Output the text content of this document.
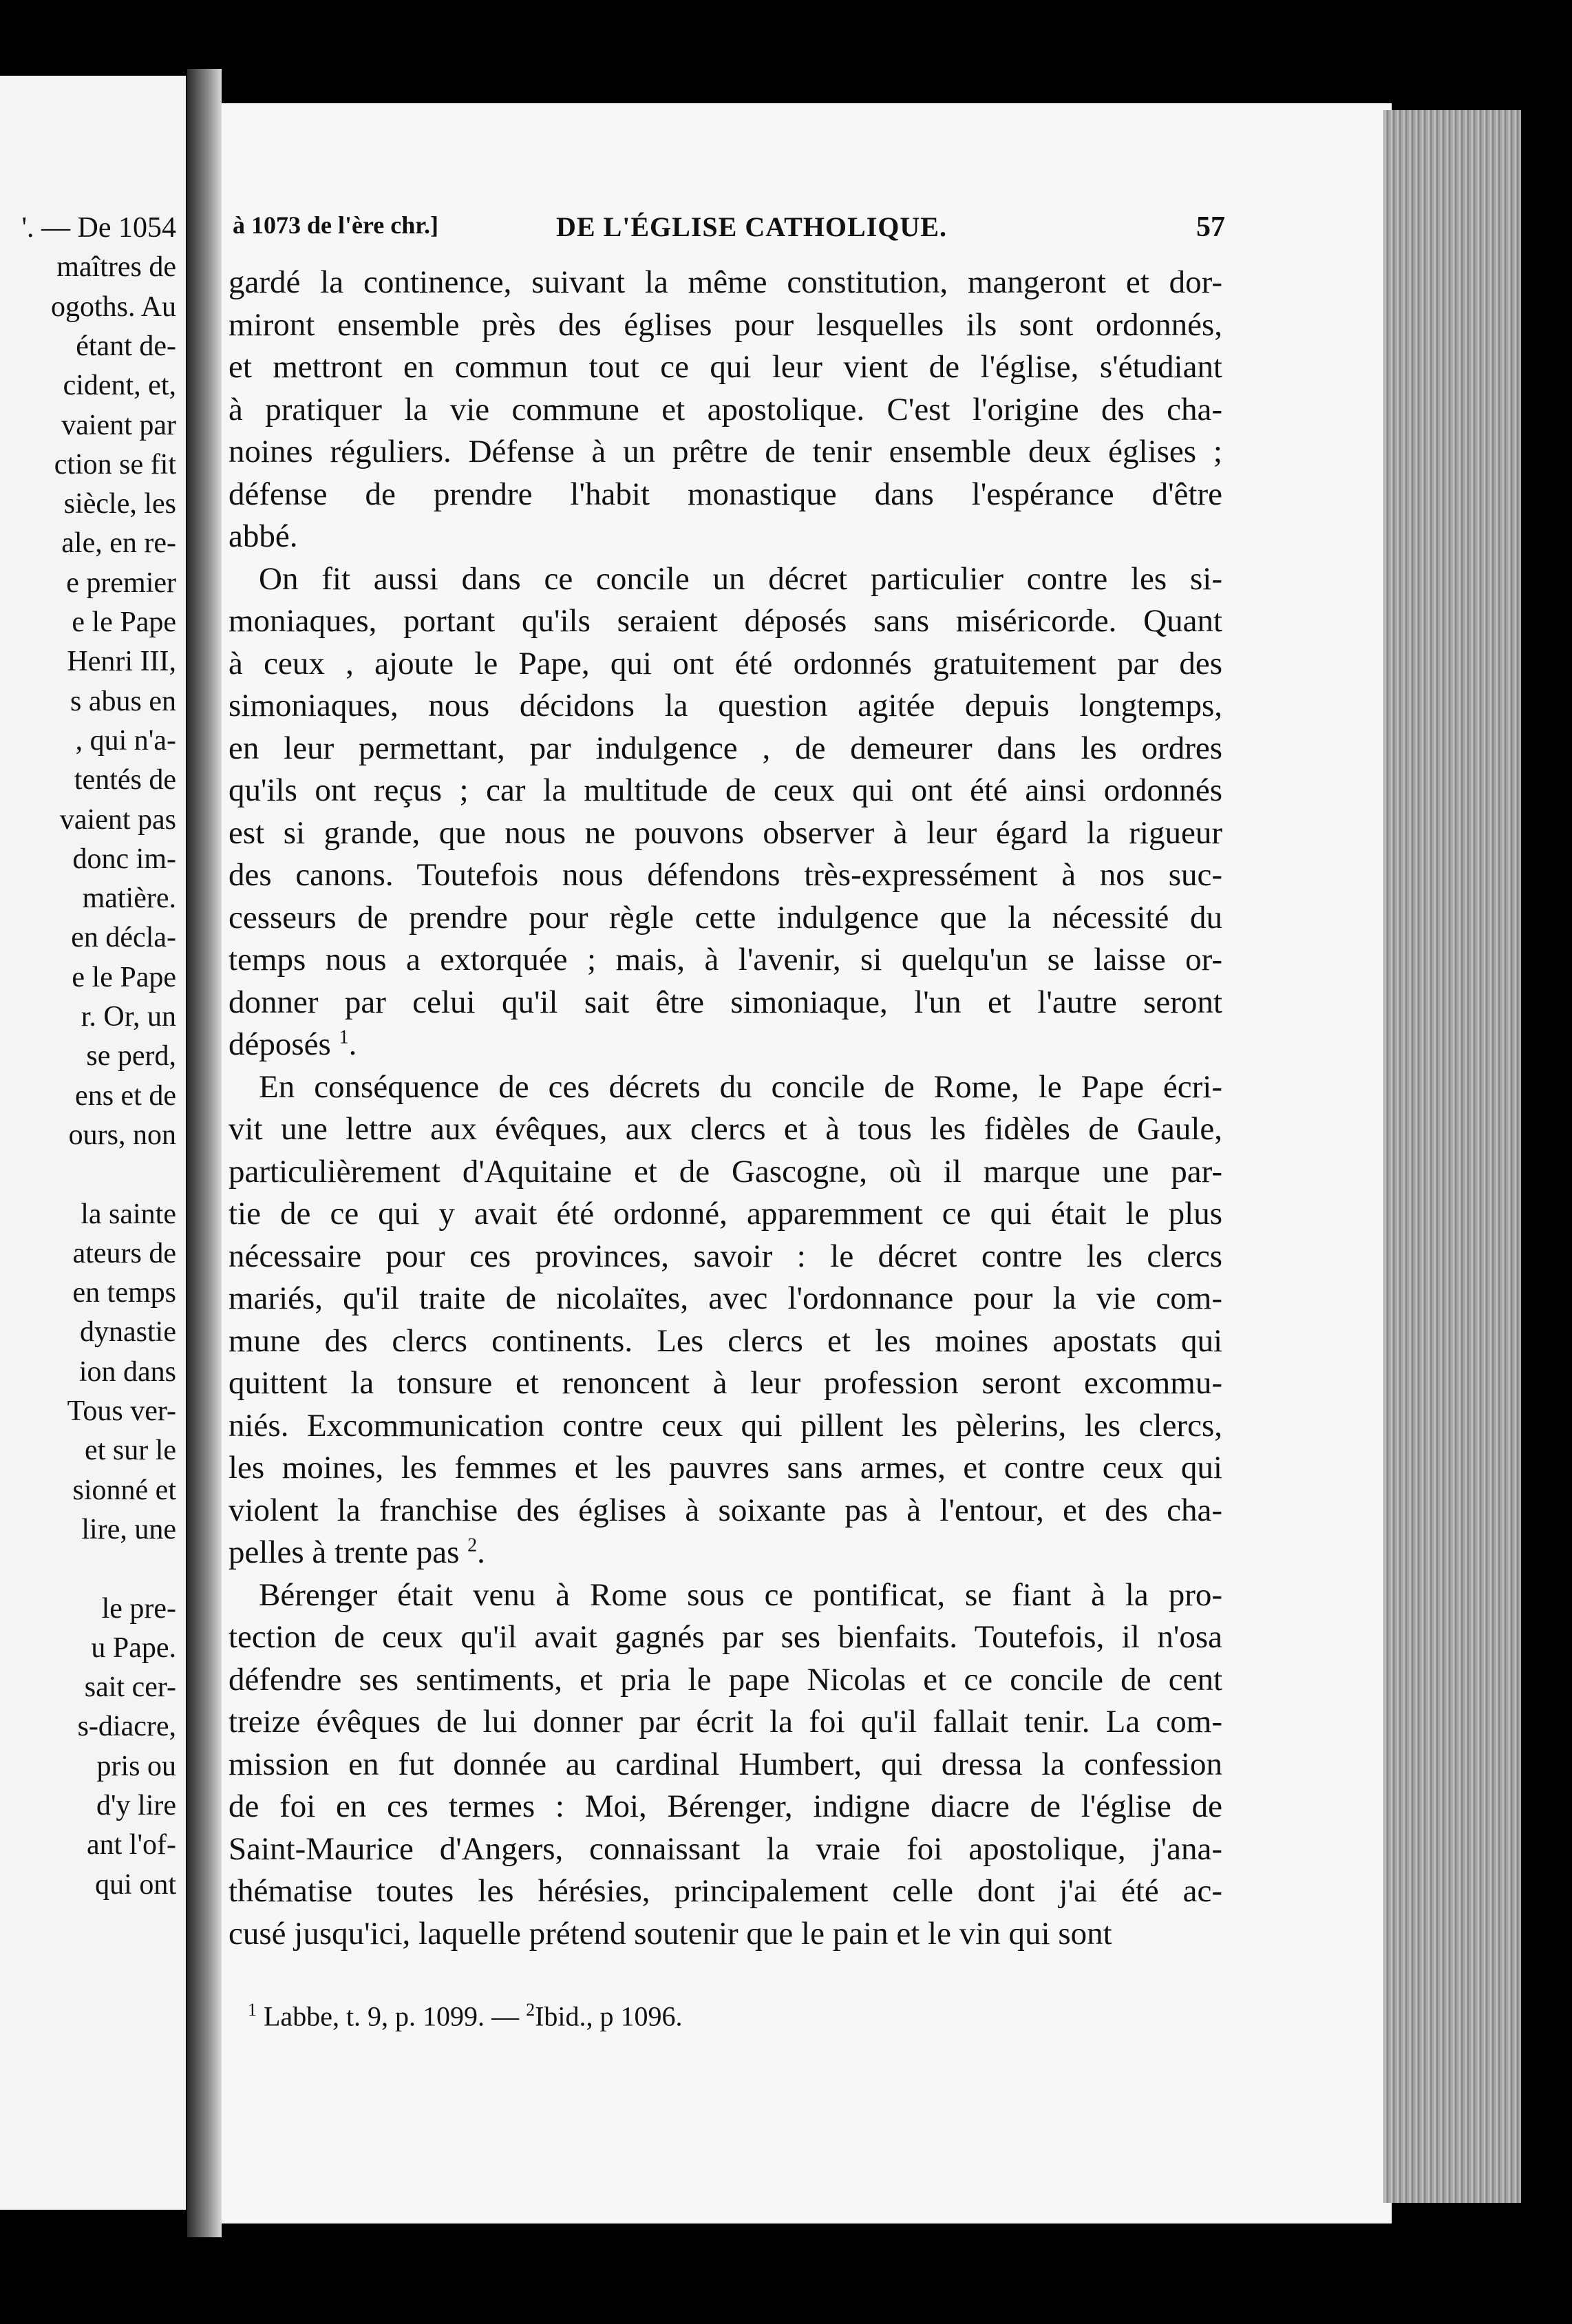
'. — De 1054
maîtres de
ogoths. Au
étant de-
cident, et,
vaient par
ction se fit
siècle, les
ale, en re-
e premier
e le Pape
Henri III,
s abus en
, qui n'a-
tentés de
vaient pas
donc im-
matière.
en décla-
e le Pape
r. Or, un
se perd,
ens et de
ours, non
la sainte
ateurs de
en temps
dynastie
ion dans
Tous ver-
et sur le
sionné et
lire, une
le pre-
u Pape.
sait cer-
s-diacre,
pris ou
d'y lire
ant l'of-
qui ont
à 1073 de l'ère chr.]	DE L'ÉGLISE CATHOLIQUE.	57

gardé la continence, suivant la même constitution, mangeront et dor-

miront ensemble près des églises pour lesquelles ils sont ordonnés,

et mettront en commun tout ce qui leur vient de l'église, s'étudiant

à pratiquer la vie commune et apostolique. C'est l'origine des cha-

noines réguliers. Défense à un prêtre de tenir ensemble deux églises ;

défense de prendre l'habit monastique dans l'espérance d'être

abbé.

On fit aussi dans ce concile un décret particulier contre les si-

moniaques, portant qu'ils seraient déposés sans miséricorde. Quant

à ceux , ajoute le Pape, qui ont été ordonnés gratuitement par des

simoniaques, nous décidons la question agitée depuis longtemps,

en leur permettant, par indulgence , de demeurer dans les ordres

qu'ils ont reçus ; car la multitude de ceux qui ont été ainsi ordonnés

est si grande, que nous ne pouvons observer à leur égard la rigueur

des canons. Toutefois nous défendons très-expressément à nos suc-

cesseurs de prendre pour règle cette indulgence que la nécessité du

temps nous a extorquée ; mais, à l'avenir, si quelqu'un se laisse or-

donner par celui qu'il sait être simoniaque, l'un et l'autre seront

déposés $^1$.

En conséquence de ces décrets du concile de Rome, le Pape écri-

vit une lettre aux évêques, aux clercs et à tous les fidèles de Gaule,

particulièrement d'Aquitaine et de Gascogne, où il marque une par-

tie de ce qui y avait été ordonné, apparemment ce qui était le plus

nécessaire pour ces provinces, savoir : le décret contre les clercs

mariés, qu'il traite de nicolaïtes, avec l'ordonnance pour la vie com-

mune des clercs continents. Les clercs et les moines apostats qui

quittent la tonsure et renoncent à leur profession seront excommu-

niés. Excommunication contre ceux qui pillent les pèlerins, les clercs,

les moines, les femmes et les pauvres sans armes, et contre ceux qui

violent la franchise des églises à soixante pas à l'entour, et des cha-

pelles à trente pas $^2$.

Bérenger était venu à Rome sous ce pontificat, se fiant à la pro-

tection de ceux qu'il avait gagnés par ses bienfaits. Toutefois, il n'osa

défendre ses sentiments, et pria le pape Nicolas et ce concile de cent

treize évêques de lui donner par écrit la foi qu'il fallait tenir. La com-

mission en fut donnée au cardinal Humbert, qui dressa la confession

de foi en ces termes : Moi, Bérenger, indigne diacre de l'église de

Saint-Maurice d'Angers, connaissant la vraie foi apostolique, j'ana-

thématise toutes les hérésies, principalement celle dont j'ai été ac-

cusé jusqu'ici, laquelle prétend soutenir que le pain et le vin qui sont

$^1$ Labbe, t. 9, p. 1099. — $^2$Ibid., p 1096.
